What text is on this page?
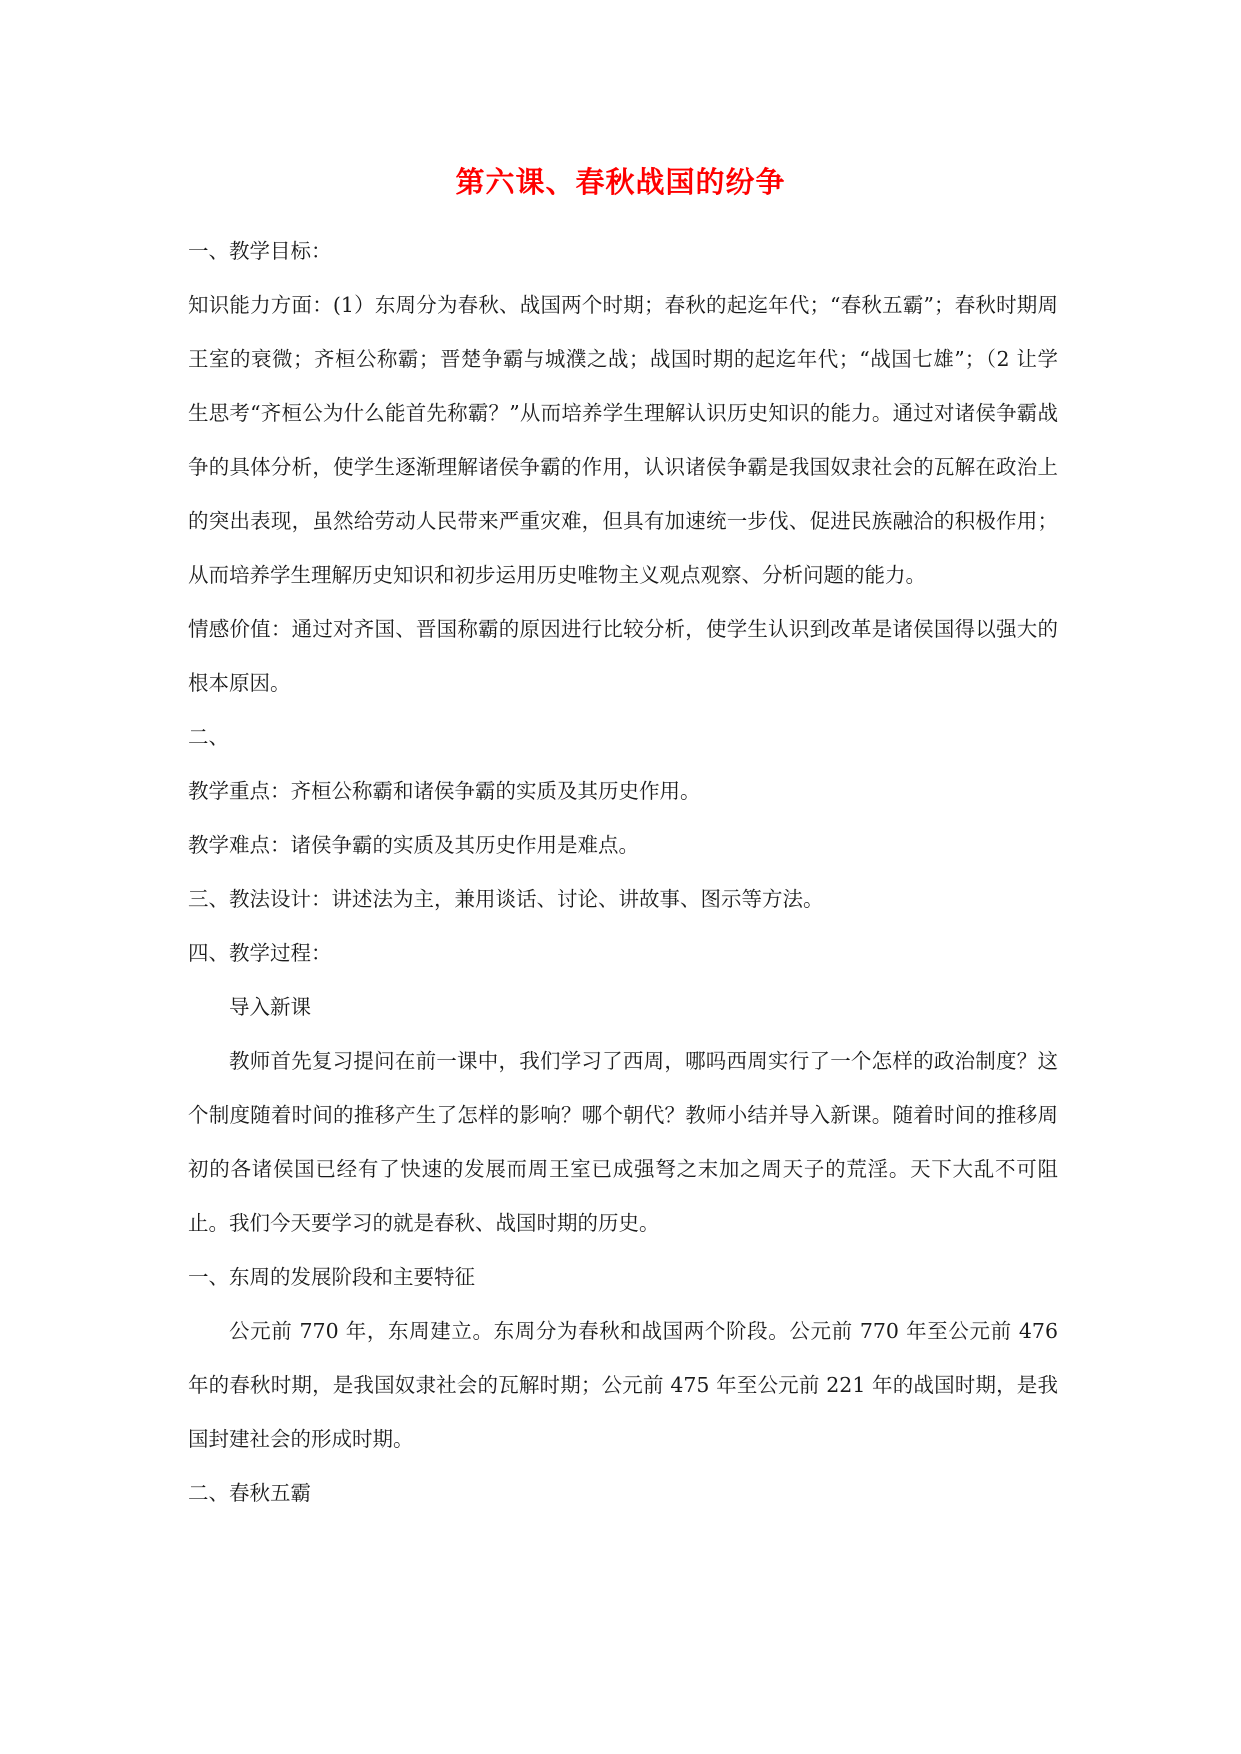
第六课、春秋战国的纷争

一、教学目标：

知识能力方面：(1）东周分为春秋、战国两个时期；春秋的起迄年代；“春秋五霸”；春秋时期周王室的衰微；齐桓公称霸；晋楚争霸与城濮之战；战国时期的起迄年代；“战国七雄”；（2 让学生思考“齐桓公为什么能首先称霸？”从而培养学生理解认识历史知识的能力。通过对诸侯争霸战争的具体分析，使学生逐渐理解诸侯争霸的作用，认识诸侯争霸是我国奴隶社会的瓦解在政治上的突出表现，虽然给劳动人民带来严重灾难，但具有加速统一步伐、促进民族融洽的积极作用；从而培养学生理解历史知识和初步运用历史唯物主义观点观察、分析问题的能力。

情感价值：通过对齐国、晋国称霸的原因进行比较分析，使学生认识到改革是诸侯国得以强大的根本原因。

二、

教学重点：齐桓公称霸和诸侯争霸的实质及其历史作用。

教学难点：诸侯争霸的实质及其历史作用是难点。

三、教法设计：讲述法为主，兼用谈话、讨论、讲故事、图示等方法。

四、教学过程：

导入新课

教师首先复习提问在前一课中，我们学习了西周，哪吗西周实行了一个怎样的政治制度？这个制度随着时间的推移产生了怎样的影响？哪个朝代？教师小结并导入新课。随着时间的推移周初的各诸侯国已经有了快速的发展而周王室已成强弩之末加之周天子的荒淫。天下大乱不可阻止。我们今天要学习的就是春秋、战国时期的历史。

一、东周的发展阶段和主要特征

公元前 770 年，东周建立。东周分为春秋和战国两个阶段。公元前 770 年至公元前 476 年的春秋时期，是我国奴隶社会的瓦解时期；公元前 475 年至公元前 221 年的战国时期，是我国封建社会的形成时期。

二、春秋五霸
